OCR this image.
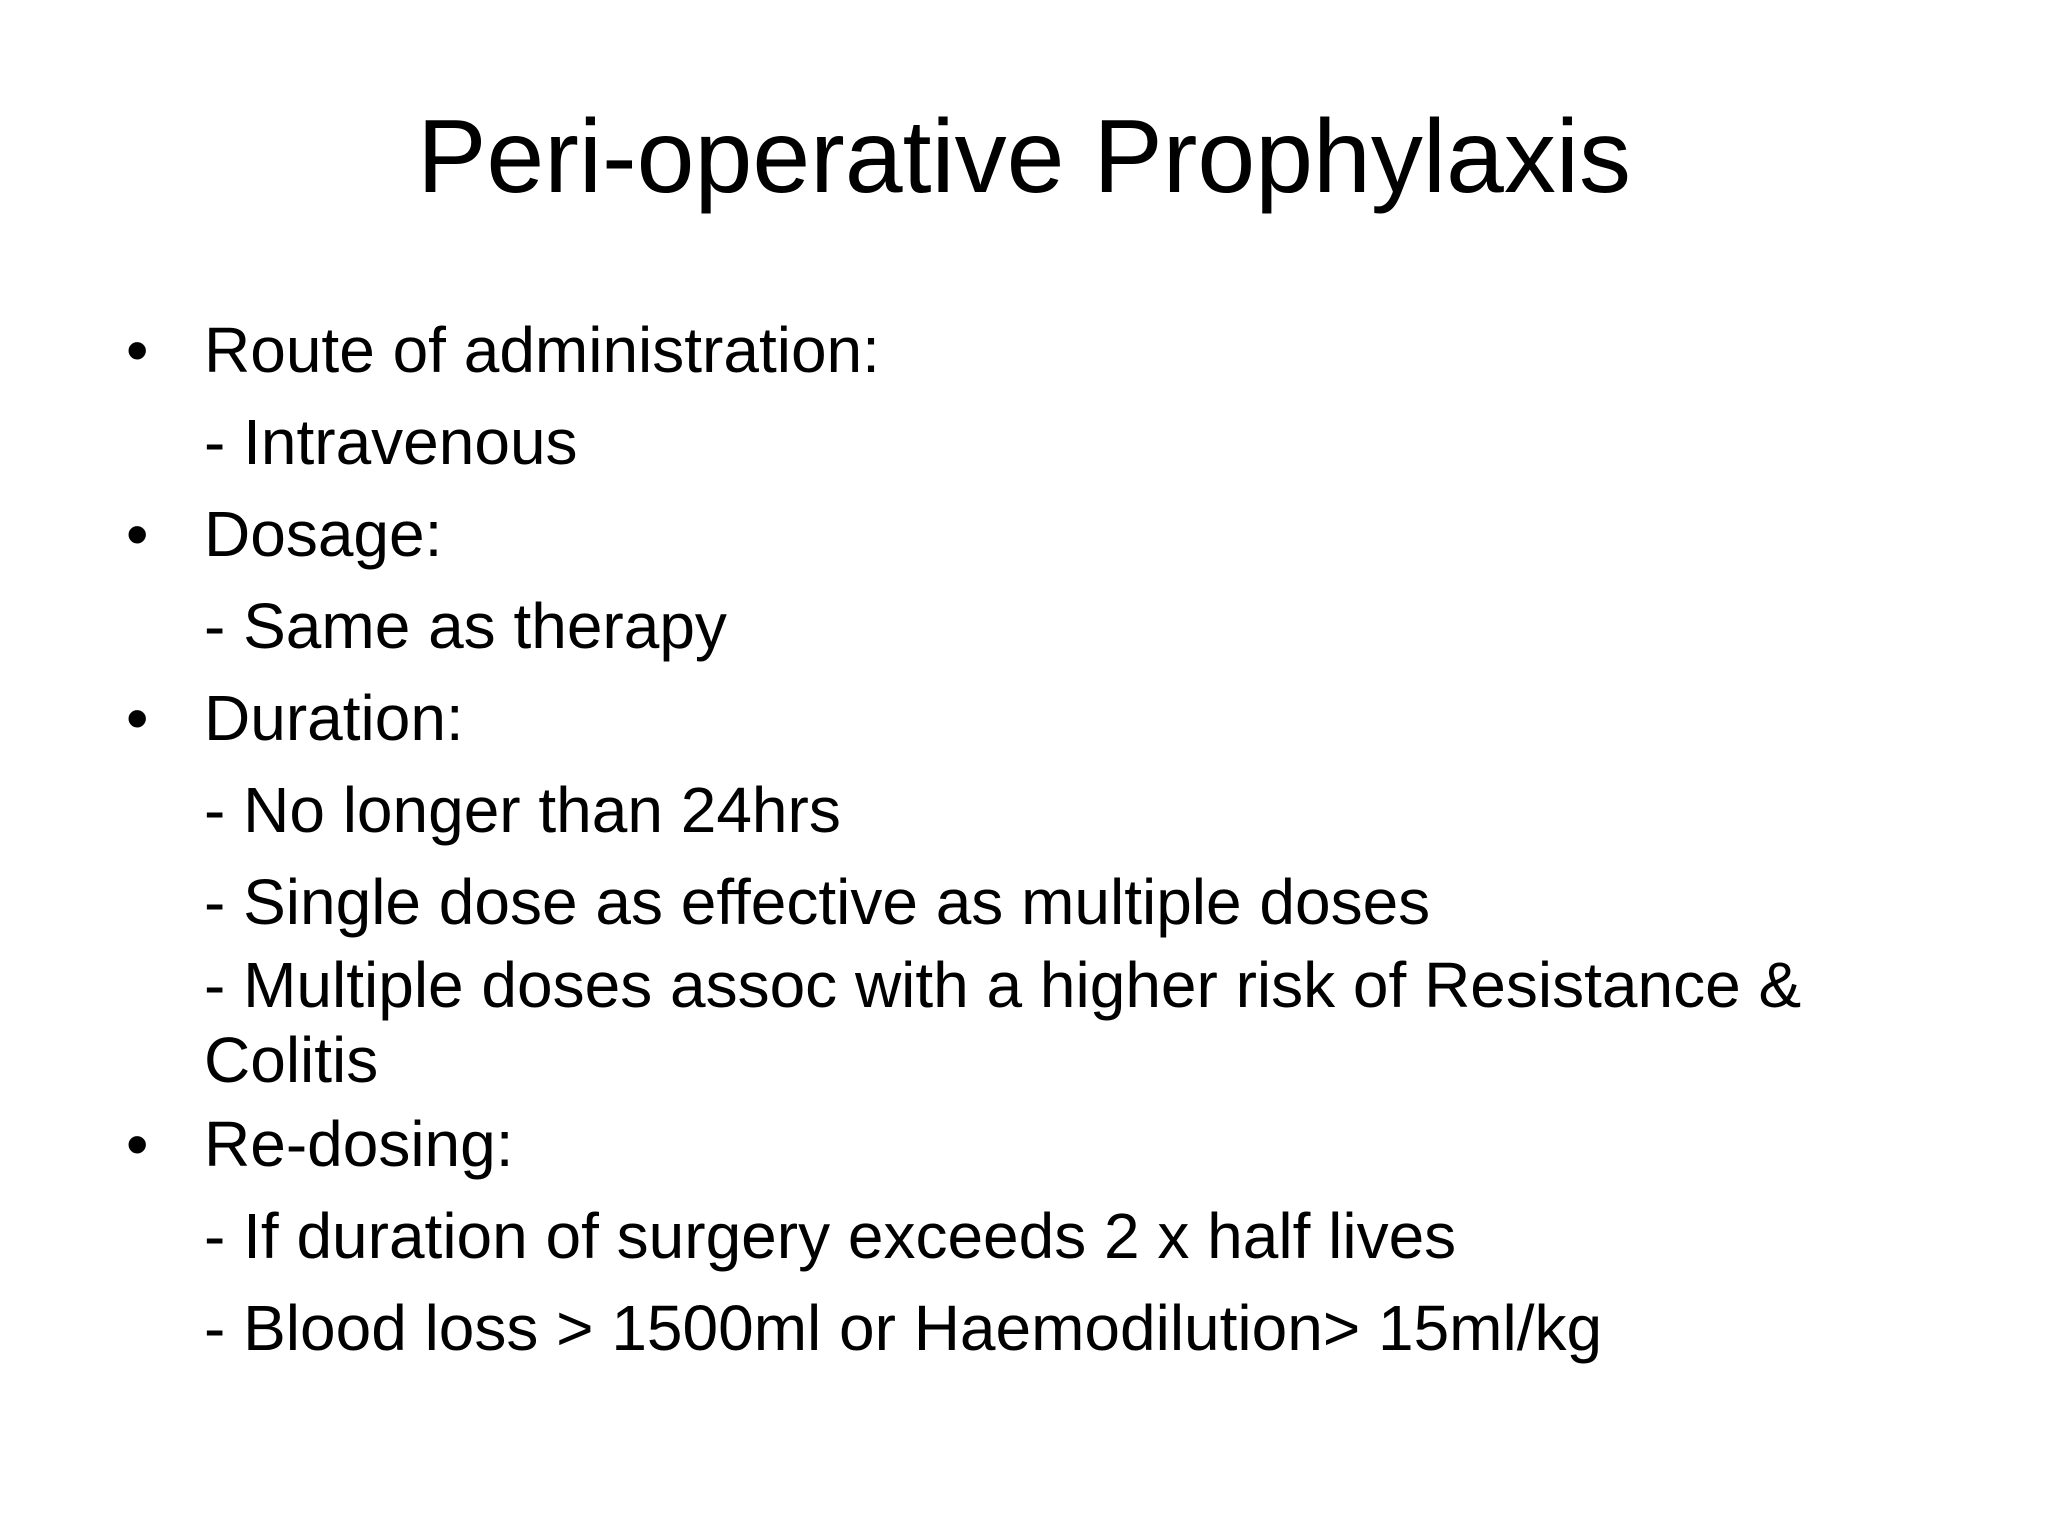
Peri-operative Prophylaxis
• Route of administration:
- Intravenous
• Dosage:
- Same as therapy
• Duration:
- No longer than 24hrs
- Single dose as effective as multiple doses
- Multiple doses assoc with a higher risk of Resistance & Colitis
• Re-dosing:
- If duration of surgery exceeds 2 x half lives
- Blood loss > 1500ml or Haemodilution> 15ml/kg
